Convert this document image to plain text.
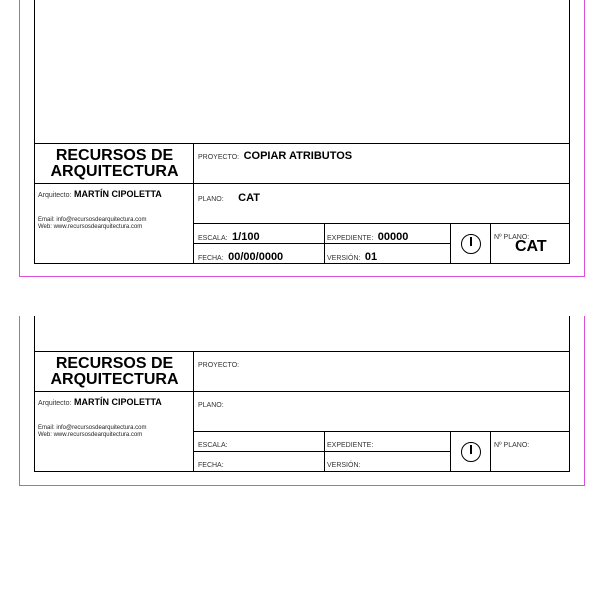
RECURSOS DE
ARQUITECTURA
Arquitecto: MARTÍN CIPOLETTA
Email: info@recursosdearquitectura.com
Web: www.recursosdearquitectura.com
PROYECTO: COPIAR ATRIBUTOS
PLANO: CAT
ESCALA: 1/100	EXPEDIENTE: 00000
FECHA: 00/00/0000	VERSIÓN: 01
Nº PLANO:
CAT
RECURSOS DE
ARQUITECTURA
Arquitecto: MARTÍN CIPOLETTA
Email: info@recursosdearquitectura.com
Web: www.recursosdearquitectura.com
PROYECTO:
PLANO:
ESCALA:	EXPEDIENTE:
FECHA:	VERSIÓN:
Nº PLANO:
